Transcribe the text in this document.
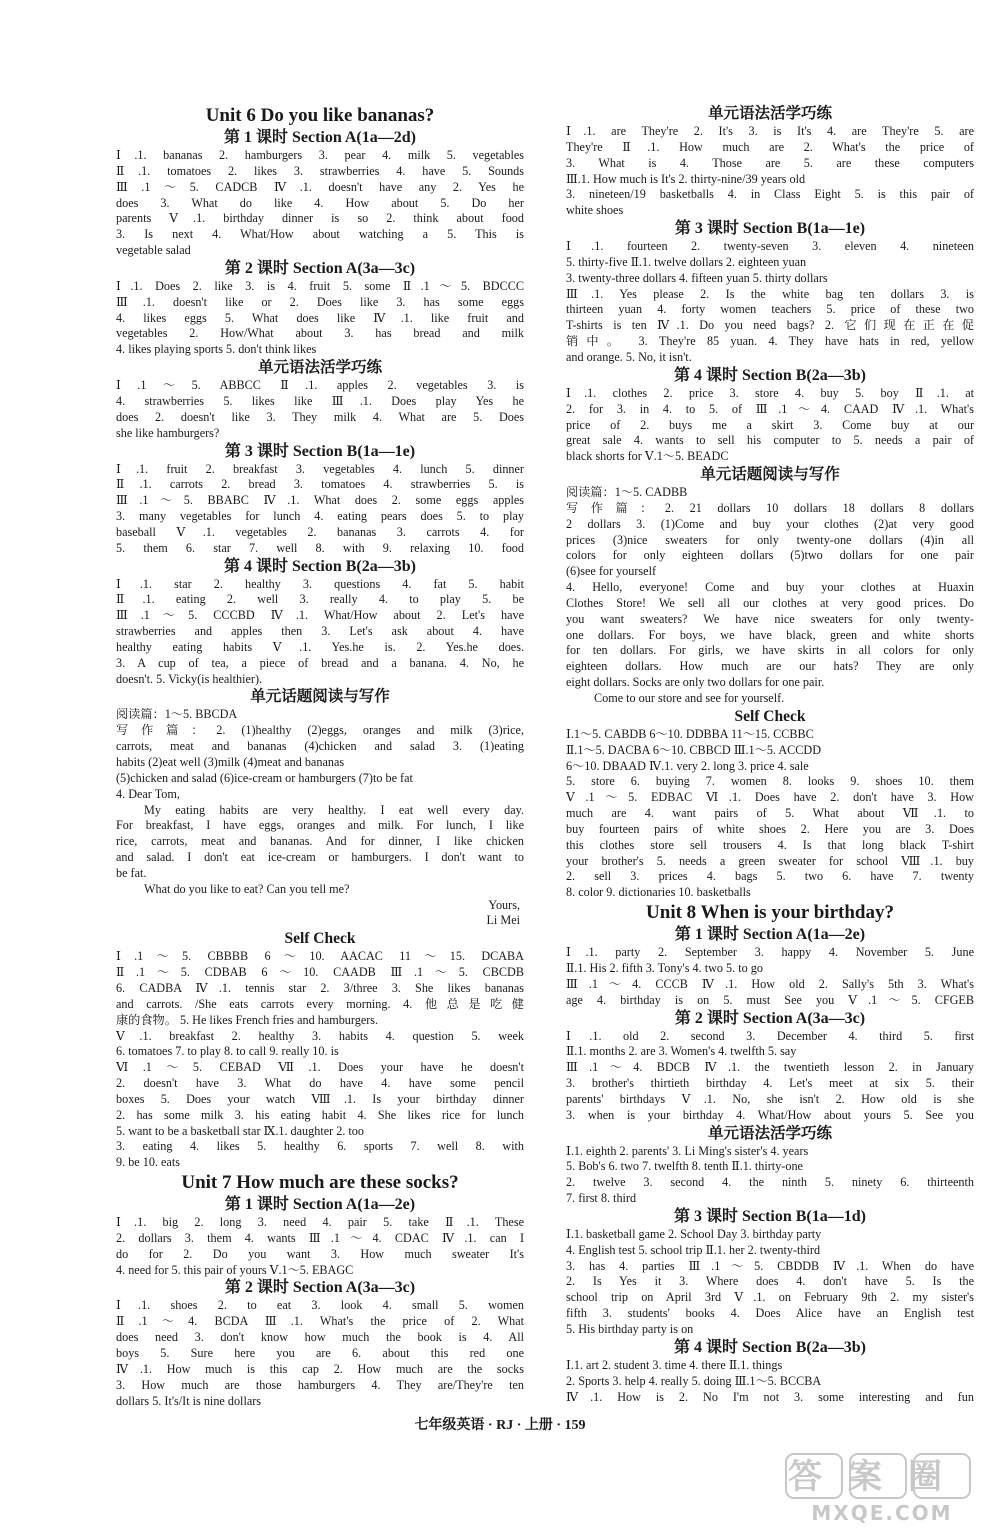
Unit 6 Do you like bananas?
第 1 课时 Section A(1a—2d)
Ⅰ.1. bananas 2. hamburgers 3. pear 4. milk 5. vegetables
Ⅱ.1. tomatoes 2. likes 3. strawberries 4. have 5. Sounds
Ⅲ.1～5. CADCB Ⅳ.1. doesn't have any 2. Yes he
does 3. What do like 4. How about 5. Do her
parents Ⅴ.1. birthday dinner is so 2. think about food
3. Is next 4. What/How about watching a 5. This is
vegetable salad
第 2 课时 Section A(3a—3c)
Ⅰ.1. Does 2. like 3. is 4. fruit 5. some Ⅱ.1～5. BDCCC
Ⅲ.1. doesn't like or 2. Does like 3. has some eggs
4. likes eggs 5. What does like Ⅳ.1. like fruit and
vegetables 2. How/What about 3. has bread and milk
4. likes playing sports 5. don't think likes
单元语法活学巧练
Ⅰ.1～5. ABBCC Ⅱ.1. apples 2. vegetables 3. is
4. strawberries 5. likes like Ⅲ.1. Does play Yes he
does 2. doesn't like 3. They milk 4. What are 5. Does
she like hamburgers?
第 3 课时 Section B(1a—1e)
Ⅰ.1. fruit 2. breakfast 3. vegetables 4. lunch 5. dinner
Ⅱ.1. carrots 2. bread 3. tomatoes 4. strawberries 5. is
Ⅲ.1～5. BBABC Ⅳ.1. What does 2. some eggs apples
3. many vegetables for lunch 4. eating pears does 5. to play
baseball Ⅴ.1. vegetables 2. bananas 3. carrots 4. for
5. them 6. star 7. well 8. with 9. relaxing 10. food
第 4 课时 Section B(2a—3b)
Ⅰ.1. star 2. healthy 3. questions 4. fat 5. habit
Ⅱ.1. eating 2. well 3. really 4. to play 5. be
Ⅲ.1～5. CCCBD Ⅳ.1. What/How about 2. Let's have
strawberries and apples then 3. Let's ask about 4. have
healthy eating habits Ⅴ.1. Yes.he is. 2. Yes.he does.
3. A cup of tea, a piece of bread and a banana. 4. No, he
doesn't. 5. Vicky(is healthier).
单元话题阅读与写作
阅读篇：1～5. BBCDA
写作篇：2. (1)healthy (2)eggs, oranges and milk (3)rice,
carrots, meat and bananas (4)chicken and salad 3. (1)eating
habits (2)eat well (3)milk (4)meat and bananas
(5)chicken and salad (6)ice-cream or hamburgers (7)to be fat
4. Dear Tom,
My eating habits are very healthy. I eat well every day.
For breakfast, I have eggs, oranges and milk. For lunch, I like
rice, carrots, meat and bananas. And for dinner, I like chicken
and salad. I don't eat ice-cream or hamburgers. I don't want to
be fat.
What do you like to eat? Can you tell me?
Yours,
Li Mei
Self Check
Ⅰ.1～5. CBBBB 6～10. AACAC 11～15. DCABA
Ⅱ.1～5. CDBAB 6～10. CAADB Ⅲ.1～5. CBCDB
6. CADBA Ⅳ.1. tennis star 2. 3/three 3. She likes bananas
and carrots. /She eats carrots every morning. 4. 他总是吃健
康的食物。 5. He likes French fries and hamburgers.
Ⅴ.1. breakfast 2. healthy 3. habits 4. question 5. week
6. tomatoes 7. to play 8. to call 9. really 10. is
Ⅵ.1～5. CEBAD Ⅶ.1. Does your have he doesn't
2. doesn't have 3. What do have 4. have some pencil
boxes 5. Does your watch Ⅷ.1. Is your birthday dinner
2. has some milk 3. his eating habit 4. She likes rice for lunch
5. want to be a basketball star Ⅸ.1. daughter 2. too
3. eating 4. likes 5. healthy 6. sports 7. well 8. with
9. be 10. eats
Unit 7 How much are these socks?
第 1 课时 Section A(1a—2e)
Ⅰ.1. big 2. long 3. need 4. pair 5. take Ⅱ.1. These
2. dollars 3. them 4. wants Ⅲ.1～4. CDAC Ⅳ.1. can I
do for 2. Do you want 3. How much sweater It's
4. need for 5. this pair of yours Ⅴ.1～5. EBAGC
第 2 课时 Section A(3a—3c)
Ⅰ.1. shoes 2. to eat 3. look 4. small 5. women
Ⅱ.1～4. BCDA Ⅲ.1. What's the price of 2. What
does need 3. don't know how much the book is 4. All
boys 5. Sure here you are 6. about this red one
Ⅳ.1. How much is this cap 2. How much are the socks
3. How much are those hamburgers 4. They are/They're ten
dollars 5. It's/It is nine dollars
单元语法活学巧练
Ⅰ.1. are They're 2. It's 3. is It's 4. are They're 5. are
They're Ⅱ.1. How much are 2. What's the price of
3. What is 4. Those are 5. are these computers
Ⅲ.1. How much is It's 2. thirty-nine/39 years old
3. nineteen/19 basketballs 4. in Class Eight 5. is this pair of
white shoes
第 3 课时 Section B(1a—1e)
Ⅰ.1. fourteen 2. twenty-seven 3. eleven 4. nineteen
5. thirty-five Ⅱ.1. twelve dollars 2. eighteen yuan
3. twenty-three dollars 4. fifteen yuan 5. thirty dollars
Ⅲ.1. Yes please 2. Is the white bag ten dollars 3. is
thirteen yuan 4. forty women teachers 5. price of these two
T-shirts is ten Ⅳ.1. Do you need bags? 2. 它们现在正在促
销中。 3. They're 85 yuan. 4. They have hats in red, yellow
and orange. 5. No, it isn't.
第 4 课时 Section B(2a—3b)
Ⅰ.1. clothes 2. price 3. store 4. buy 5. boy Ⅱ.1. at
2. for 3. in 4. to 5. of Ⅲ.1～4. CAAD Ⅳ.1. What's
price of 2. buys me a skirt 3. Come buy at our
great sale 4. wants to sell his computer to 5. needs a pair of
black shorts for Ⅴ.1～5. BEADC
单元话题阅读与写作
阅读篇：1～5. CADBB
写作篇：2. 21 dollars 10 dollars 18 dollars 8 dollars
2 dollars 3. (1)Come and buy your clothes (2)at very good
prices (3)nice sweaters for only twenty-one dollars (4)in all
colors for only eighteen dollars (5)two dollars for one pair
(6)see for yourself
4. Hello, everyone! Come and buy your clothes at Huaxin
Clothes Store! We sell all our clothes at very good prices. Do
you want sweaters? We have nice sweaters for only twenty-
one dollars. For boys, we have black, green and white shorts
for ten dollars. For girls, we have skirts in all colors for only
eighteen dollars. How much are our hats? They are only
eight dollars. Socks are only two dollars for one pair.
Come to our store and see for yourself.
Self Check
Ⅰ.1～5. CABDB 6～10. DDBBA 11～15. CCBBC
Ⅱ.1～5. DACBA 6～10. CBBCD Ⅲ.1～5. ACCDD
6～10. DBAAD Ⅳ.1. very 2. long 3. price 4. sale
5. store 6. buying 7. women 8. looks 9. shoes 10. them
Ⅴ.1～5. EDBAC Ⅵ.1. Does have 2. don't have 3. How
much are 4. want pairs of 5. What about Ⅶ.1. to
buy fourteen pairs of white shoes 2. Here you are 3. Does
this clothes store sell trousers 4. Is that long black T-shirt
your brother's 5. needs a green sweater for school Ⅷ.1. buy
2. sell 3. prices 4. bags 5. two 6. have 7. twenty
8. color 9. dictionaries 10. basketballs
Unit 8 When is your birthday?
第 1 课时 Section A(1a—2e)
Ⅰ.1. party 2. September 3. happy 4. November 5. June
Ⅱ.1. His 2. fifth 3. Tony's 4. two 5. to go
Ⅲ.1～4. CCCB Ⅳ.1. How old 2. Sally's 5th 3. What's
age 4. birthday is on 5. must See you Ⅴ.1～5. CFGEB
第 2 课时 Section A(3a—3c)
Ⅰ.1. old 2. second 3. December 4. third 5. first
Ⅱ.1. months 2. are 3. Women's 4. twelfth 5. say
Ⅲ.1～4. BDCB Ⅳ.1. the twentieth lesson 2. in January
3. brother's thirtieth birthday 4. Let's meet at six 5. their
parents' birthdays Ⅴ.1. No, she isn't 2. How old is she
3. when is your birthday 4. What/How about yours 5. See you
单元语法活学巧练
Ⅰ.1. eighth 2. parents' 3. Li Ming's sister's 4. years
5. Bob's 6. two 7. twelfth 8. tenth Ⅱ.1. thirty-one
2. twelve 3. second 4. the ninth 5. ninety 6. thirteenth
7. first 8. third
第 3 课时 Section B(1a—1d)
Ⅰ.1. basketball game 2. School Day 3. birthday party
4. English test 5. school trip Ⅱ.1. her 2. twenty-third
3. has 4. parties Ⅲ.1～5. CBDDB Ⅳ.1. When do have
2. Is Yes it 3. Where does 4. don't have 5. Is the
school trip on April 3rd Ⅴ.1. on February 9th 2. my sister's
fifth 3. students' books 4. Does Alice have an English test
5. His birthday party is on
第 4 课时 Section B(2a—3b)
Ⅰ.1. art 2. student 3. time 4. there Ⅱ.1. things
2. Sports 3. help 4. really 5. doing Ⅲ.1～5. BCCBA
Ⅳ.1. How is 2. No I'm not 3. some interesting and fun
七年级英语 · RJ · 上册 · 159
答案圈
MXQE.COM
